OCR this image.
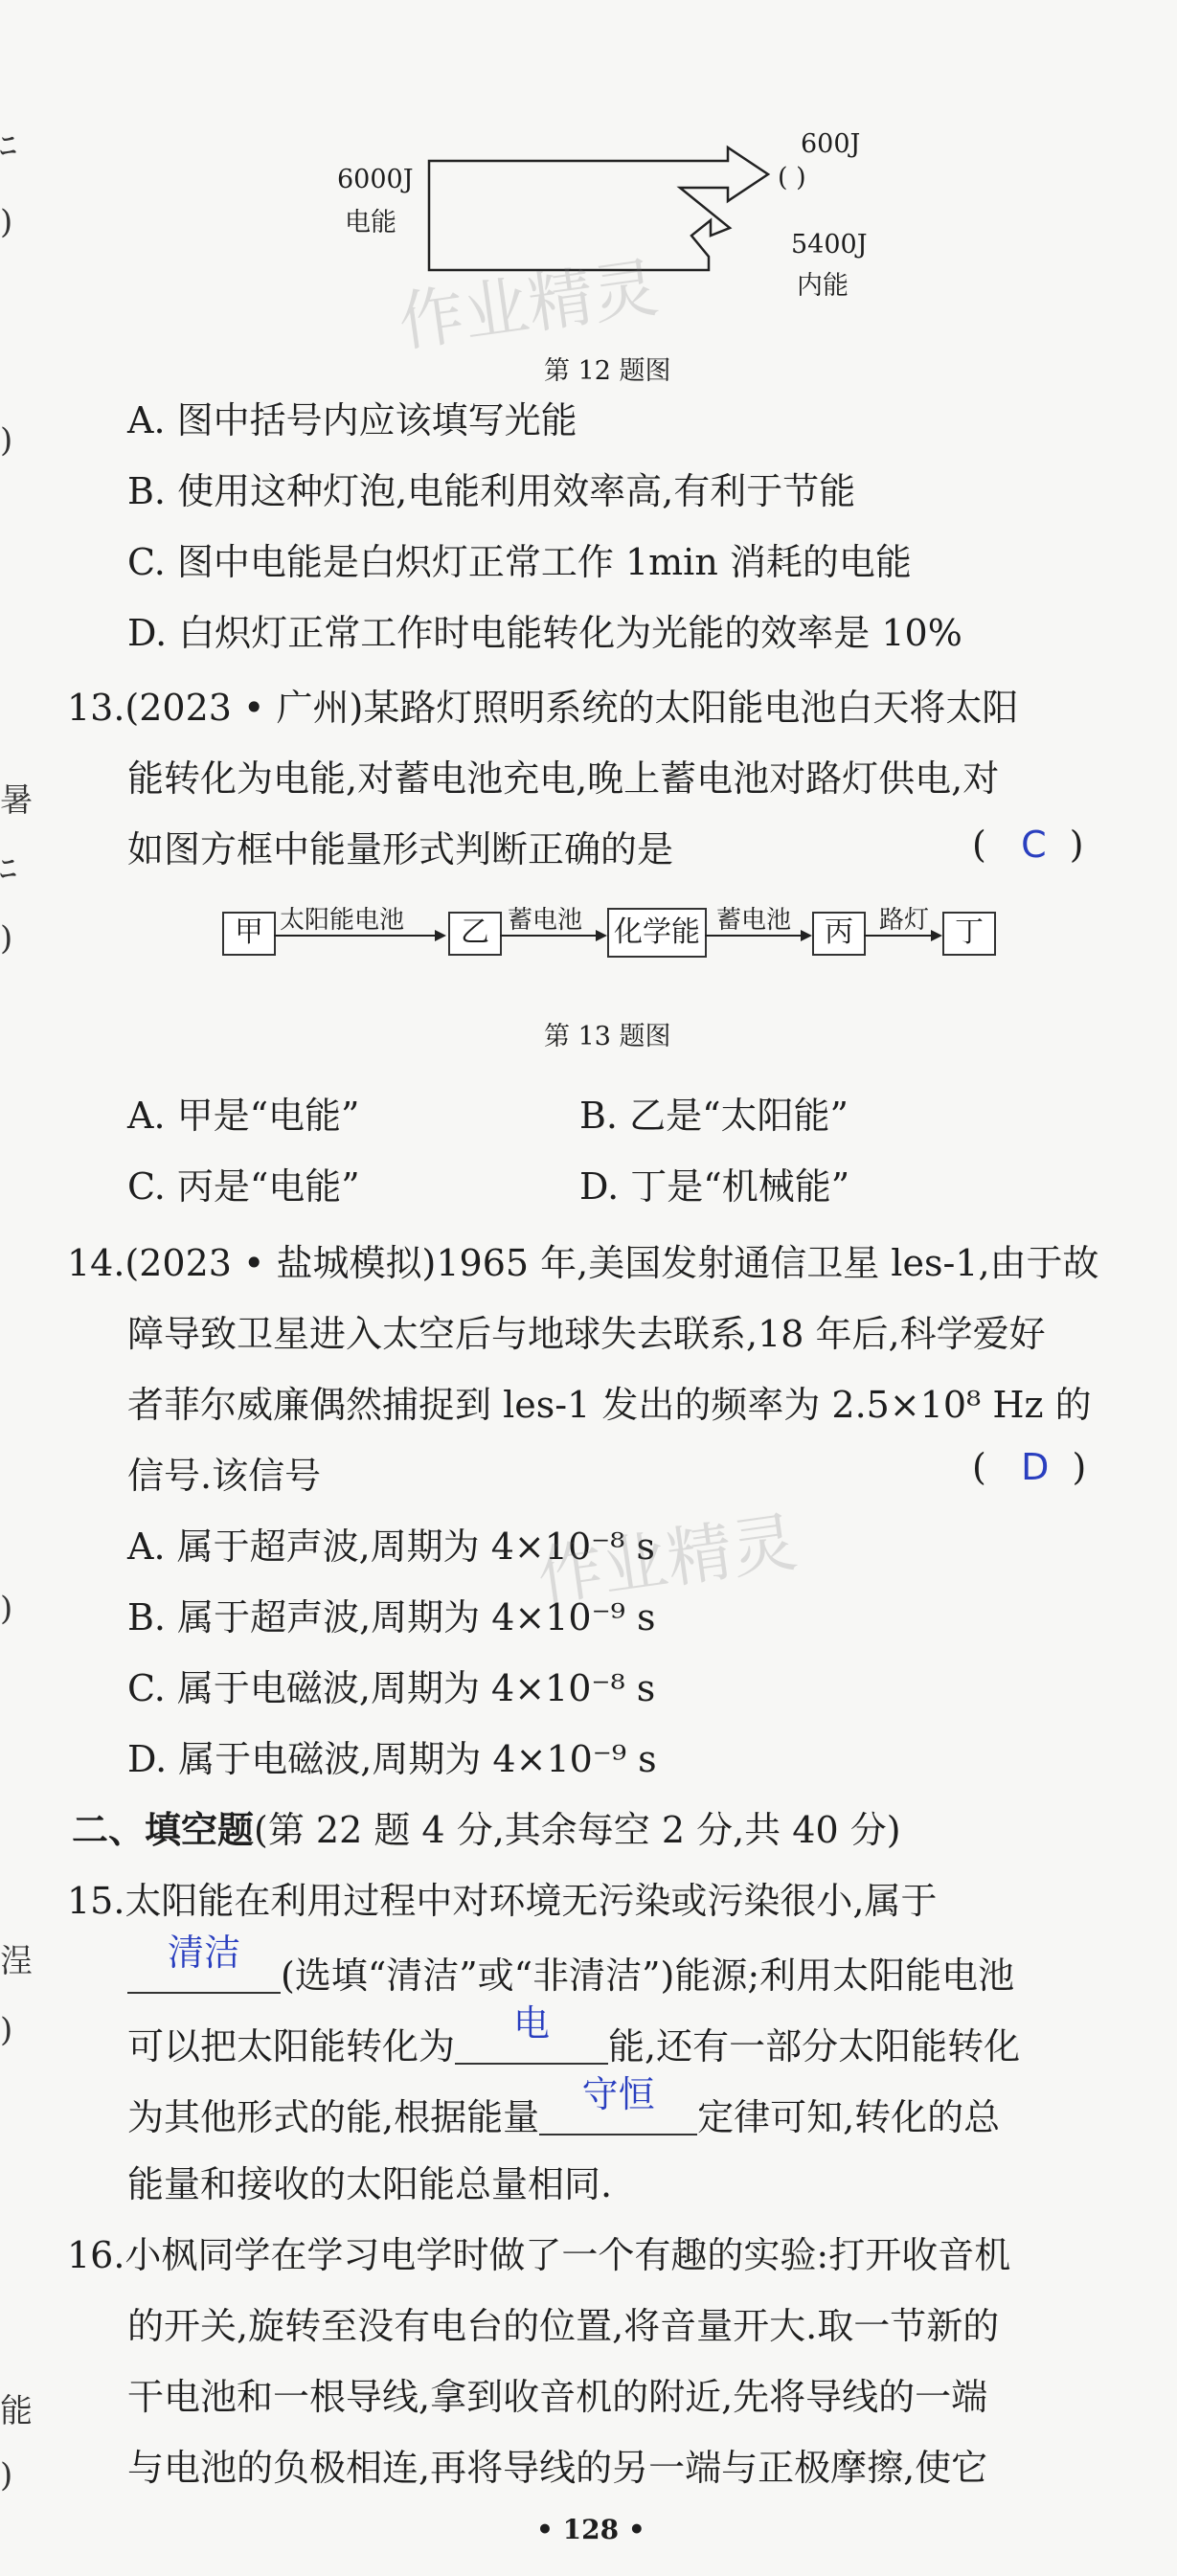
ﾆ
)
)
暑
ﾆ
)
)
浧
)
能
)
6000J
电能
600J
( )
5400J
内能
第 12 题图
作业精灵
A. 图中括号内应该填写光能
B. 使用这种灯泡,电能利用效率高,有利于节能
C. 图中电能是白炽灯正常工作 1min 消耗的电能
D. 白炽灯正常工作时电能转化为光能的效率是 10%
13.(2023 • 广州)某路灯照明系统的太阳能电池白天将太阳
能转化为电能,对蓄电池充电,晚上蓄电池对路灯供电,对
如图方框中能量形式判断正确的是	(   C  )
甲 太阳能电池	乙 蓄电池 化学能 蓄电池	丙	路灯 丁
第 13 题图
A. 甲是“电能”	B. 乙是“太阳能”
C. 丙是“电能”	D. 丁是“机械能”
14.(2023 • 盐城模拟)1965 年,美国发射通信卫星 les-1,由于故
障导致卫星进入太空后与地球失去联系,18 年后,科学爱好
者菲尔威廉偶然捕捉到 les-1 发出的频率为 2.5×10⁸ Hz 的
信号.该信号	(   D  )
A. 属于超声波,周期为 4×10⁻⁸ s
作业精灵
B. 属于超声波,周期为 4×10⁻⁹ s
C. 属于电磁波,周期为 4×10⁻⁸ s
D. 属于电磁波,周期为 4×10⁻⁹ s
二、填空题(第 22 题 4 分,其余每空 2 分,共 40 分)
15.太阳能在利用过程中对环境无污染或污染很小,属于
清洁
(选填“清洁”或“非清洁”)能源;利用太阳能电池
可以把太阳能转化为
电
能,还有一部分太阳能转化
为其他形式的能,根据能量
守恒
定律可知,转化的总
能量和接收的太阳能总量相同.
16.小枫同学在学习电学时做了一个有趣的实验:打开收音机
的开关,旋转至没有电台的位置,将音量开大.取一节新的
干电池和一根导线,拿到收音机的附近,先将导线的一端
与电池的负极相连,再将导线的另一端与正极摩擦,使它
• 128 •
